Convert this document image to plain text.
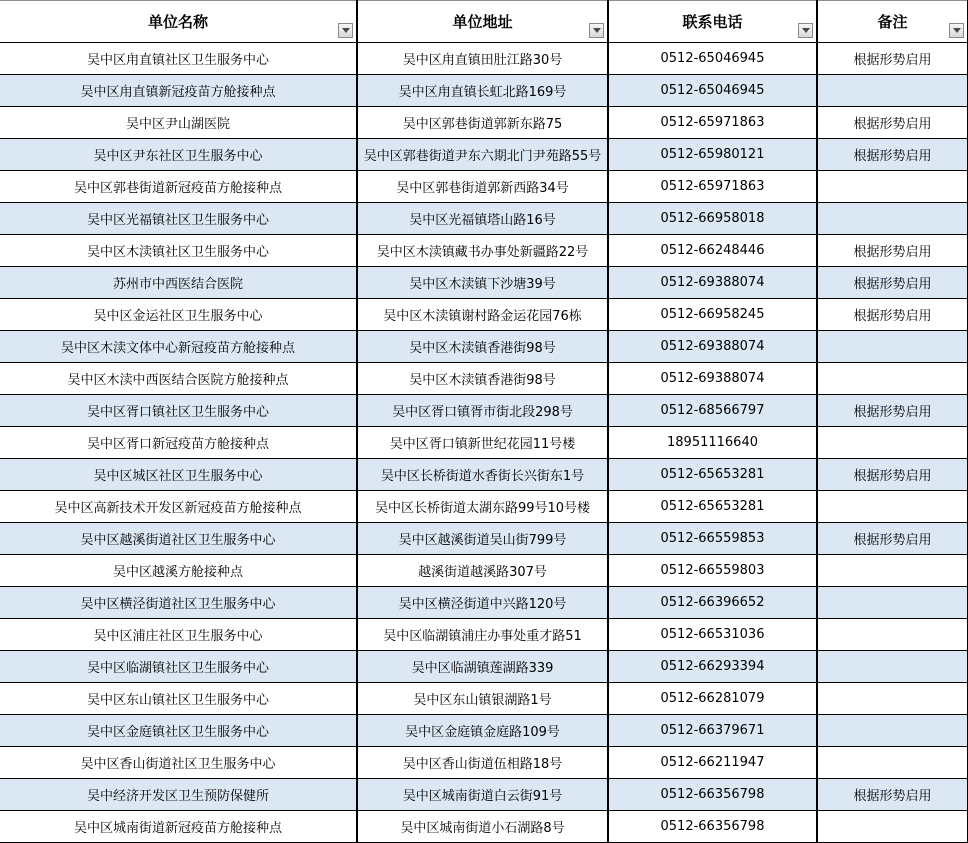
单位名称	单位地址	联系电话	备注

吴中区甪直镇社区卫生服务中心	吴中区甪直镇田肚江路30号	0512-65046945	根据形势启用
吴中区甪直镇新冠疫苗方舱接种点	吴中区甪直镇长虹北路169号	0512-65046945	
吴中区尹山湖医院	吴中区郭巷街道郭新东路75	0512-65971863	根据形势启用
吴中区尹东社区卫生服务中心	吴中区郭巷街道尹东六期北门尹苑路55号	0512-65980121	根据形势启用
吴中区郭巷街道新冠疫苗方舱接种点	吴中区郭巷街道郭新西路34号	0512-65971863	
吴中区光福镇社区卫生服务中心	吴中区光福镇塔山路16号	0512-66958018	
吴中区木渎镇社区卫生服务中心	吴中区木渎镇藏书办事处新疆路22号	0512-66248446	根据形势启用
苏州市中西医结合医院	吴中区木渎镇下沙塘39号	0512-69388074	根据形势启用
吴中区金运社区卫生服务中心	吴中区木渎镇谢村路金运花园76栋	0512-66958245	根据形势启用
吴中区木渎文体中心新冠疫苗方舱接种点	吴中区木渎镇香港街98号	0512-69388074	
吴中区木渎中西医结合医院方舱接种点	吴中区木渎镇香港街98号	0512-69388074	
吴中区胥口镇社区卫生服务中心	吴中区胥口镇胥市街北段298号	0512-68566797	根据形势启用
吴中区胥口新冠疫苗方舱接种点	吴中区胥口镇新世纪花园11号楼	18951116640	
吴中区城区社区卫生服务中心	吴中区长桥街道水香街长兴街东1号	0512-65653281	根据形势启用
吴中区高新技术开发区新冠疫苗方舱接种点	吴中区长桥街道太湖东路99号10号楼	0512-65653281	
吴中区越溪街道社区卫生服务中心	吴中区越溪街道吴山街799号	0512-66559853	根据形势启用
吴中区越溪方舱接种点	越溪街道越溪路307号	0512-66559803	
吴中区横泾街道社区卫生服务中心	吴中区横泾街道中兴路120号	0512-66396652	
吴中区浦庄社区卫生服务中心	吴中区临湖镇浦庄办事处重才路51	0512-66531036	
吴中区临湖镇社区卫生服务中心	吴中区临湖镇莲湖路339	0512-66293394	
吴中区东山镇社区卫生服务中心	吴中区东山镇银湖路1号	0512-66281079	
吴中区金庭镇社区卫生服务中心	吴中区金庭镇金庭路109号	0512-66379671	
吴中区香山街道社区卫生服务中心	吴中区香山街道伍相路18号	0512-66211947	
吴中经济开发区卫生预防保健所	吴中区城南街道白云街91号	0512-66356798	根据形势启用
吴中区城南街道新冠疫苗方舱接种点	吴中区城南街道小石湖路8号	0512-66356798	
